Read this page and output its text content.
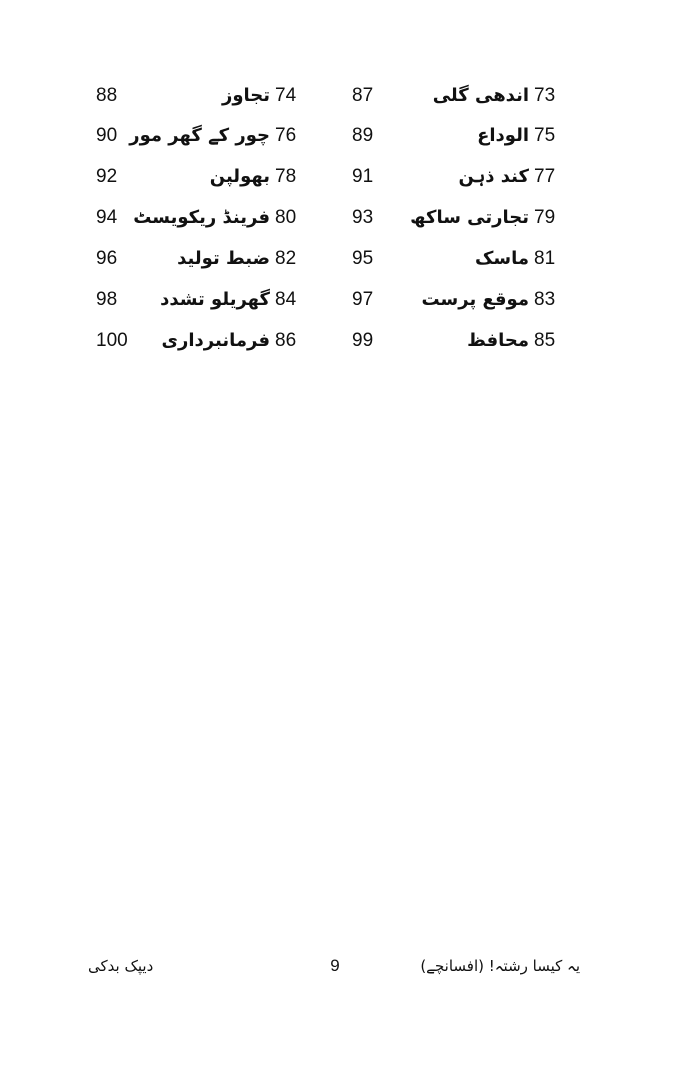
73
اندھی گلی
87
74
تجاوز
88
75
الوداع
89
76
چور کے گھر مور
90
77
کند ذہن
91
78
بھولپن
92
79
تجارتی ساکھ
93
80
فرینڈ ریکویسٹ
94
81
ماسک
95
82
ضبط تولید
96
83
موقع پرست
97
84
گھریلو تشدد
98
85
محافظ
99
86
فرمانبرداری
100
دیپک بدکی	9	یہ کیسا رشتہ! (افسانچے)
